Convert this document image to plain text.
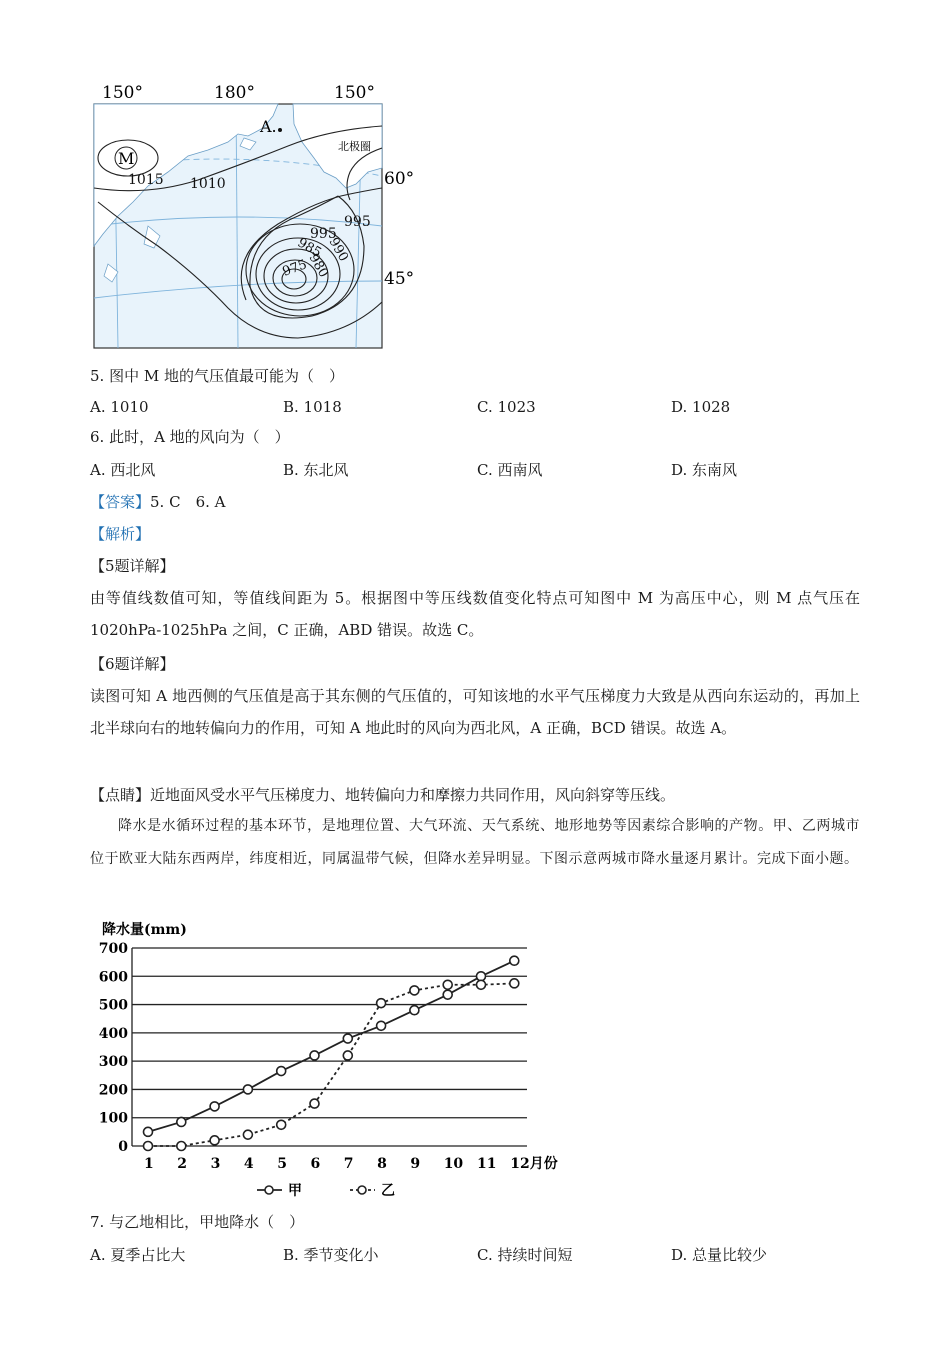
150°	180°	150°
60°
45°
M
A.
北极圈
1015 1010
995
995
985 990
980
975
5. 图中 M 地的气压值最可能为（　）
A. 1010	B. 1018	C. 1023	D. 1028
6. 此时，A 地的风向为（　）
A. 西北风	B. 东北风	C. 西南风	D. 东南风
【答案】5. C　6. A
【解析】
【5题详解】
由等值线数值可知，等值线间距为 5。根据图中等压线数值变化特点可知图中 M 为高压中心，则 M 点气压在 1020hPa-1025hPa 之间，C 正确，ABD 错误。故选 C。
【6题详解】
读图可知 A 地西侧的气压值是高于其东侧的气压值的，可知该地的水平气压梯度力大致是从西向东运动的，再加上北半球向右的地转偏向力的作用，可知 A 地此时的风向为西北风，A 正确，BCD 错误。故选 A。
【点睛】近地面风受水平气压梯度力、地转偏向力和摩擦力共同作用，风向斜穿等压线。
降水是水循环过程的基本环节，是地理位置、大气环流、天气系统、地形地势等因素综合影响的产物。甲、乙两城市位于欧亚大陆东西两岸，纬度相近，同属温带气候，但降水差异明显。下图示意两城市降水量逐月累计。完成下面小题。
降水量(mm)
0
100
200
300
400
500
600
700
1 2 3 4 5 6 7 8 9 10 11 12月份
甲	乙
7. 与乙地相比，甲地降水（　）
A. 夏季占比大	B. 季节变化小	C. 持续时间短	D. 总量比较少
